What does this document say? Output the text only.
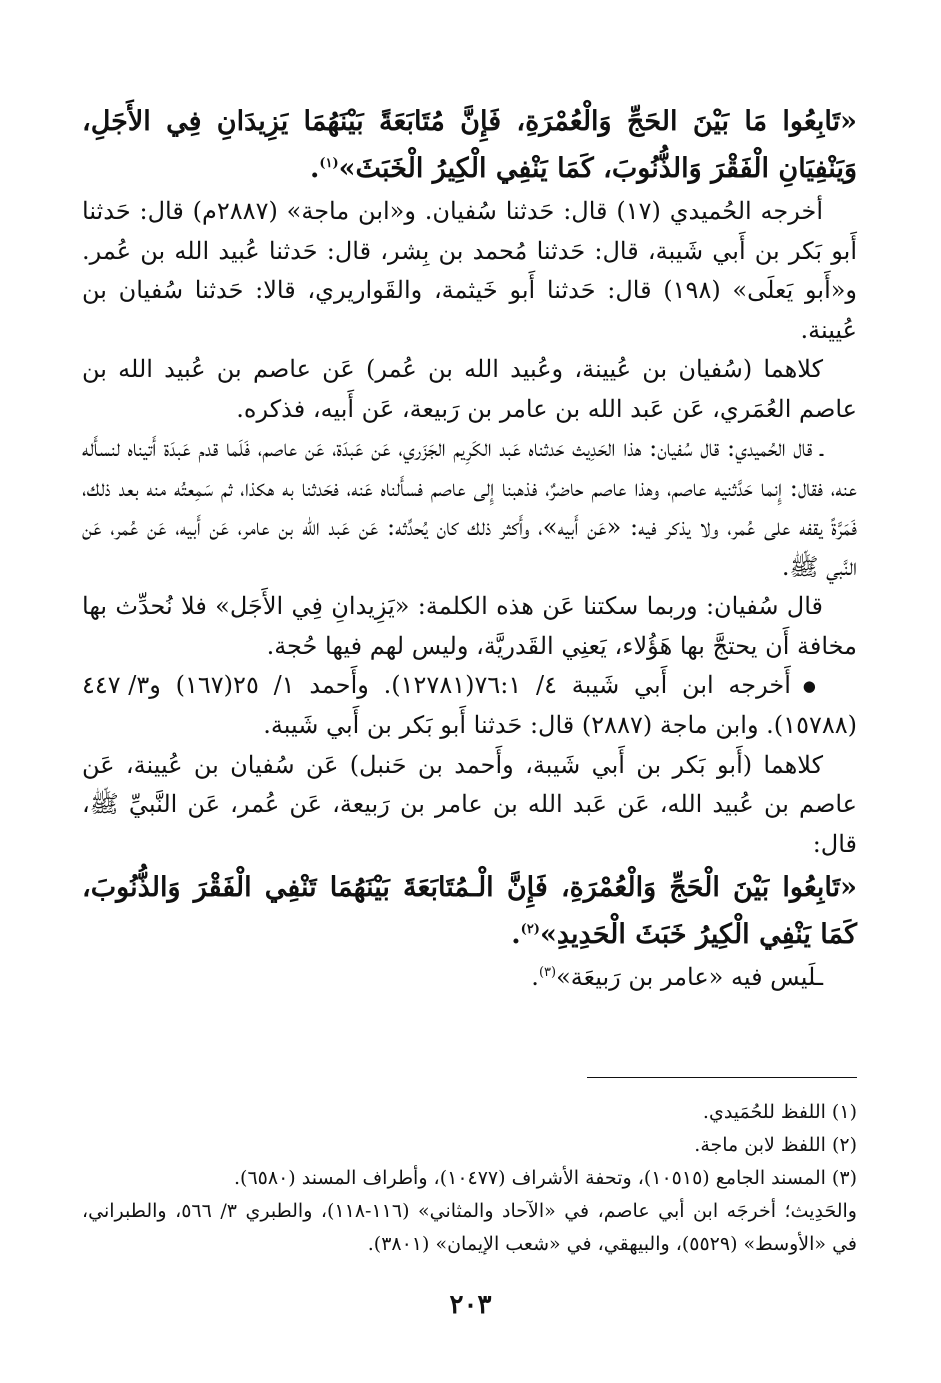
«تَابِعُوا مَا بَيْنَ الحَجِّ وَالْعُمْرَةِ، فَإِنَّ مُتَابَعَةً بَيْنَهُمَا يَزِيدَانِ فِي الأَجَلِ، وَيَنْفِيَانِ الْفَقْرَ وَالذُّنُوبَ، كَمَا يَنْفِي الْكِيرُ الْخَبَثَ»$^{(١)}$.

أخرجه الحُميدي (١٧) قال: حَدثنا سُفيان. و«ابن ماجة» (٢٨٨٧م) قال: حَدثنا أَبو بَكر بن أَبي شَيبة، قال: حَدثنا مُحمد بن بِشر، قال: حَدثنا عُبيد الله بن عُمر. و«أَبو يَعلَى» (١٩٨) قال: حَدثنا أَبو خَيثمة، والقَواريري، قالا: حَدثنا سُفيان بن عُيينة.

كلاهما (سُفيان بن عُيينة، وعُبيد الله بن عُمر) عَن عاصم بن عُبيد الله بن عاصم العُمَري، عَن عَبد الله بن عامر بن رَبيعة، عَن أَبيه، فذكره.

ـ قال الحُميدي: قال سُفيان: هذا الحَدِيث حَدثناه عَبد الكَرِيم الجَزَري، عَن عَبدَة، عَن عاصم، فَلَما قدم عَبدَة أَتيناه لنسأَله عنه، فقال: إِنما حَدَّثنيه عاصم، وهذا عاصم حاضرٌ، فذهبنا إِلى عاصم فسأَلناه عَنه، فحَدثنا به هكذا، ثم سَمِعتُه منه بعد ذلك، فَمَرَّةً يقفه على عُمر، ولا يذكر فيه: «عَن أَبيه»، وأَكثر ذلك كان يُحدِّثه: عَن عَبد الله بن عامر، عَن أَبيه، عَن عُمر، عَن النَّبي ﷺ.

قال سُفيان: وربما سكتنا عَن هذه الكلمة: «يَزِيدانِ فِي الأَجَل» فلا نُحدِّث بها مخافة أَن يحتجَّ بها هَؤُلاء، يَعنِي القَدريَّة، وليس لهم فيها حُجة.

● أَخرجه ابن أَبي شَيبة ٤/ ٧٦:١(١٢٧٨١). وأَحمد ١/ ٢٥(١٦٧) و٣/ ٤٤٧ (١٥٧٨٨). وابن ماجة (٢٨٨٧) قال: حَدثنا أَبو بَكر بن أَبي شَيبة.

كلاهما (أَبو بَكر بن أَبي شَيبة، وأَحمد بن حَنبل) عَن سُفيان بن عُيينة، عَن عاصم بن عُبيد الله، عَن عَبد الله بن عامر بن رَبيعة، عَن عُمر، عَن النَّبيِّ ﷺ، قال:

«تَابِعُوا بَيْنَ الْحَجِّ وَالْعُمْرَةِ، فَإِنَّ الْـمُتَابَعَةَ بَيْنَهُمَا تَنْفِي الْفَقْرَ وَالذُّنُوبَ، كَمَا يَنْفِي الْكِيرُ خَبَثَ الْحَدِيدِ»$^{(٢)}$.

ـلَيس فيه «عامر بن رَبيعَة»$^{(٣)}$.

(١) اللفظ للحُمَيدي.

(٢) اللفظ لابن ماجة.

(٣) المسند الجامع (١٠٥١٥)، وتحفة الأشراف (١٠٤٧٧)، وأطراف المسند (٦٥٨٠).

والحَدِيث؛ أخرجَه ابن أبي عاصم، في «الآحاد والمثاني» (١١٦-١١٨)، والطبري ٣/ ٥٦٦، والطبراني، في «الأوسط» (٥٥٢٩)، والبيهقي، في «شعب الإيمان» (٣٨٠١).

٢٠٣
